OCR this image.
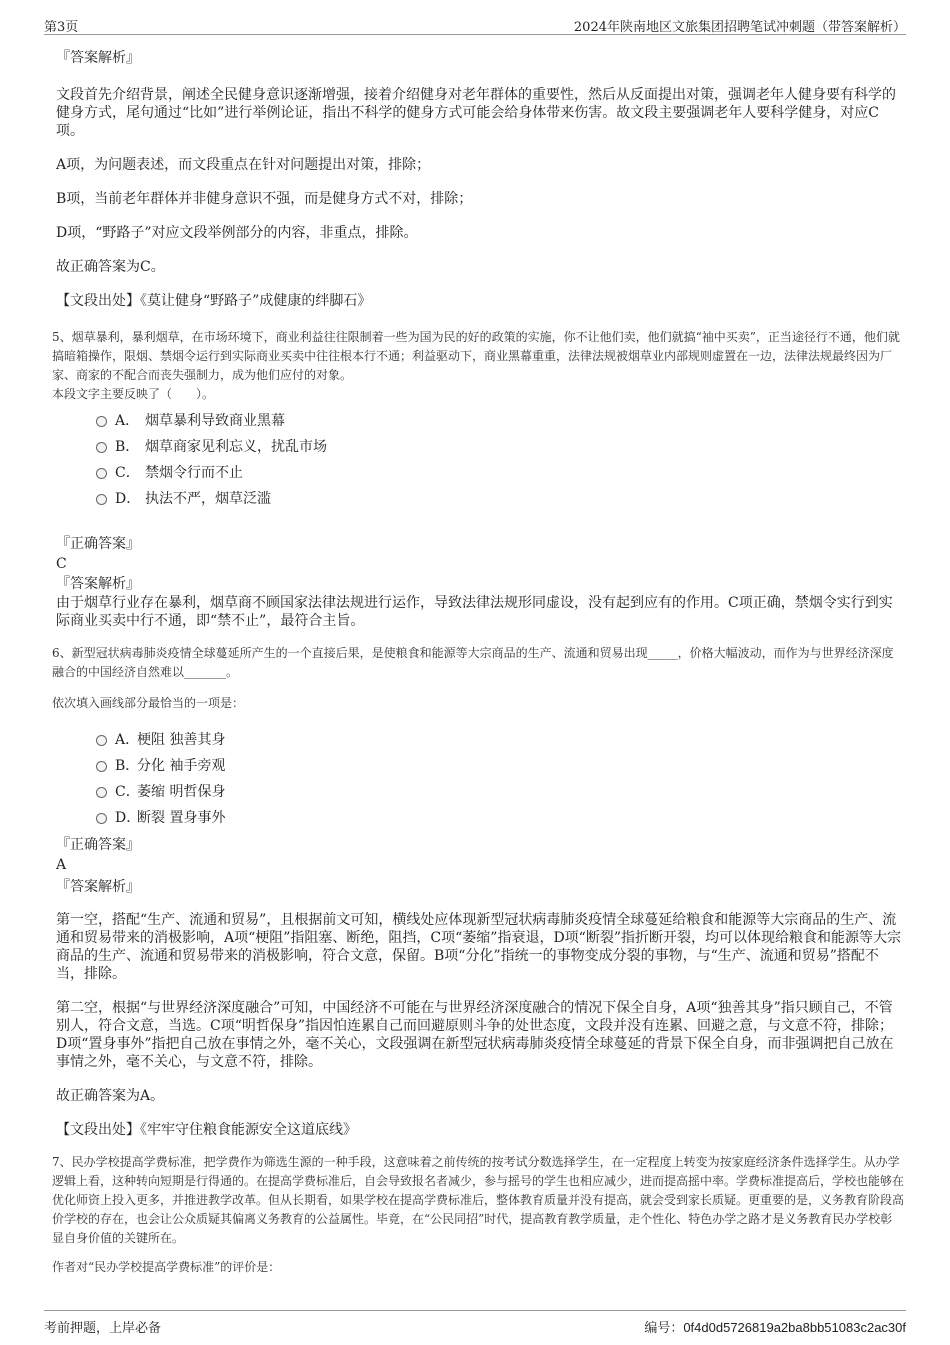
第3页	2024年陕南地区文旅集团招聘笔试冲刺题（带答案解析）
『答案解析』

文段首先介绍背景，阐述全民健身意识逐渐增强，接着介绍健身对老年群体的重要性，然后从反面提出对策，强调老年人健身要有科学的健身方式，尾句通过“比如”进行举例论证，指出不科学的健身方式可能会给身体带来伤害。故文段主要强调老年人要科学健身，对应C项。

A项，为问题表述，而文段重点在针对问题提出对策，排除；

B项，当前老年群体并非健身意识不强，而是健身方式不对，排除；

D项，“野路子”对应文段举例部分的内容，非重点，排除。

故正确答案为C。

【文段出处】《莫让健身“野路子”成健康的绊脚石》

5、烟草暴利，暴利烟草，在市场环境下，商业利益往往限制着一些为国为民的好的政策的实施，你不让他们卖，他们就搞“袖中买卖”，正当途径行不通，他们就搞暗箱操作，限烟、禁烟令运行到实际商业买卖中往往根本行不通；利益驱动下，商业黑幕重重，法律法规被烟草业内部规则虚置在一边，法律法规最终因为厂家、商家的不配合而丧失强制力，成为他们应付的对象。

本段文字主要反映了（　　）。

A． 烟草暴利导致商业黑幕
B． 烟草商家见利忘义，扰乱市场
C． 禁烟令行而不止
D． 执法不严，烟草泛滥
『正确答案』
C
『答案解析』

由于烟草行业存在暴利，烟草商不顾国家法律法规进行运作，导致法律法规形同虚设，没有起到应有的作用。C项正确，禁烟令实行到实际商业买卖中行不通，即“禁不止”，最符合主旨。

6、新型冠状病毒肺炎疫情全球蔓延所产生的一个直接后果，是使粮食和能源等大宗商品的生产、流通和贸易出现_____，价格大幅波动，而作为与世界经济深度融合的中国经济自然难以_______。

依次填入画线部分最恰当的一项是：

A．
梗阻 独善其身
B．
分化 袖手旁观
C．
萎缩 明哲保身
D．
断裂 置身事外
『正确答案』
A
『答案解析』

第一空，搭配“生产、流通和贸易”，且根据前文可知，横线处应体现新型冠状病毒肺炎疫情全球蔓延给粮食和能源等大宗商品的生产、流通和贸易带来的消极影响，A项“梗阻”指阻塞、断绝，阻挡，C项“萎缩”指衰退，D项“断裂”指折断开裂，均可以体现给粮食和能源等大宗商品的生产、流通和贸易带来的消极影响，符合文意，保留。B项“分化”指统一的事物变成分裂的事物，与“生产、流通和贸易”搭配不当，排除。

第二空，根据“与世界经济深度融合”可知，中国经济不可能在与世界经济深度融合的情况下保全自身，A项“独善其身”指只顾自己，不管别人，符合文意，当选。C项“明哲保身”指因怕连累自己而回避原则斗争的处世态度，文段并没有连累、回避之意，与文意不符，排除；D项“置身事外”指把自己放在事情之外，毫不关心，文段强调在新型冠状病毒肺炎疫情全球蔓延的背景下保全自身，而非强调把自己放在事情之外，毫不关心，与文意不符，排除。

故正确答案为A。

【文段出处】《牢牢守住粮食能源安全这道底线》

7、民办学校提高学费标准，把学费作为筛选生源的一种手段，这意味着之前传统的按考试分数选择学生，在一定程度上转变为按家庭经济条件选择学生。从办学逻辑上看，这种转向短期是行得通的。在提高学费标准后，自会导致报名者减少，参与摇号的学生也相应减少，进而提高摇中率。学费标准提高后，学校也能够在优化师资上投入更多，并推进教学改革。但从长期看，如果学校在提高学费标准后，整体教育质量并没有提高，就会受到家长质疑。更重要的是，义务教育阶段高价学校的存在，也会让公众质疑其偏离义务教育的公益属性。毕竟，在“公民同招”时代，提高教育教学质量，走个性化、特色办学之路才是义务教育民办学校彰显自身价值的关键所在。

作者对“民办学校提高学费标准”的评价是：

考前押题，上岸必备	编号：0f4d0d5726819a2ba8bb51083c2ac30f
